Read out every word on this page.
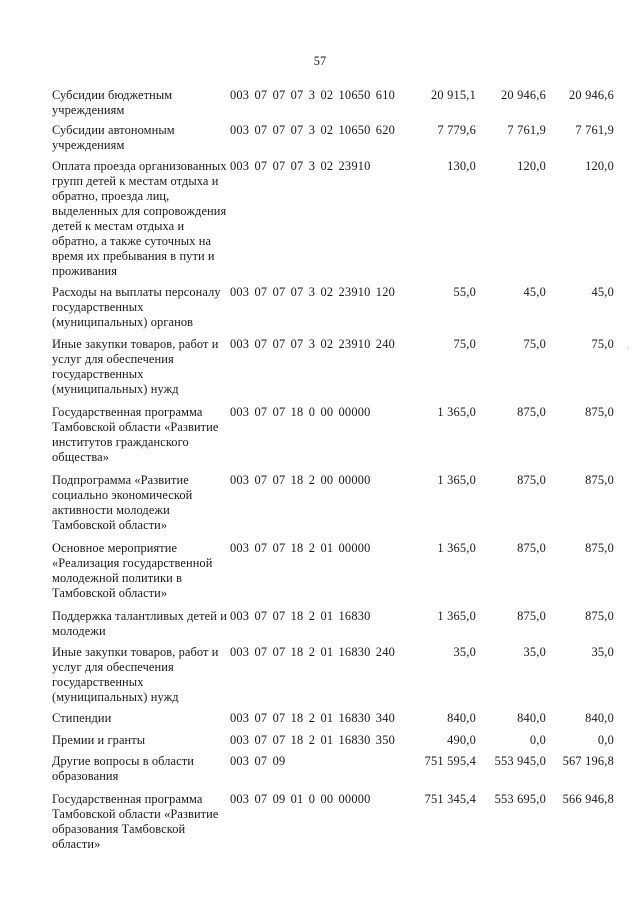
57
Субсидии бюджетным учреждениям
003 07 07 07 3 02 10650 610	20 915,1	20 946,6	20 946,6
Субсидии автономным учреждениям
003 07 07 07 3 02 10650 620	7 779,6	7 761,9	7 761,9
Оплата проезда организованных групп детей к местам отдыха и обратно, проезда лиц, выделенных для сопровождения детей к местам отдыха и обратно, а также суточных на время их пребывания в пути и проживания
003 07 07 07 3 02 23910	130,0	120,0	120,0
Расходы на выплаты персоналу государственных (муниципальных) органов
003 07 07 07 3 02 23910 120	55,0	45,0	45,0
Иные закупки товаров, работ и услуг для обеспечения государственных (муниципальных) нужд
003 07 07 07 3 02 23910 240	75,0	75,0	75,0
Государственная программа Тамбовской области «Развитие институтов гражданского общества»
003 07 07 18 0 00 00000	1 365,0	875,0	875,0
Подпрограмма «Развитие социально экономической активности молодежи Тамбовской области»
003 07 07 18 2 00 00000	1 365,0	875,0	875,0
Основное мероприятие «Реализация государственной молодежной политики в Тамбовской области»
003 07 07 18 2 01 00000	1 365,0	875,0	875,0
Поддержка талантливых детей и молодежи
003 07 07 18 2 01 16830	1 365,0	875,0	875,0
Иные закупки товаров, работ и услуг для обеспечения государственных (муниципальных) нужд
003 07 07 18 2 01 16830 240	35,0	35,0	35,0
Стипендии	003 07 07 18 2 01 16830 340	840,0	840,0	840,0
Премии и гранты	003 07 07 18 2 01 16830 350	490,0	0,0	0,0
Другие вопросы в области образования
003 07 09	751 595,4	553 945,0	567 196,8
Государственная программа Тамбовской области «Развитие образования Тамбовской области»
003 07 09 01 0 00 00000	751 345,4	553 695,0	566 946,8
